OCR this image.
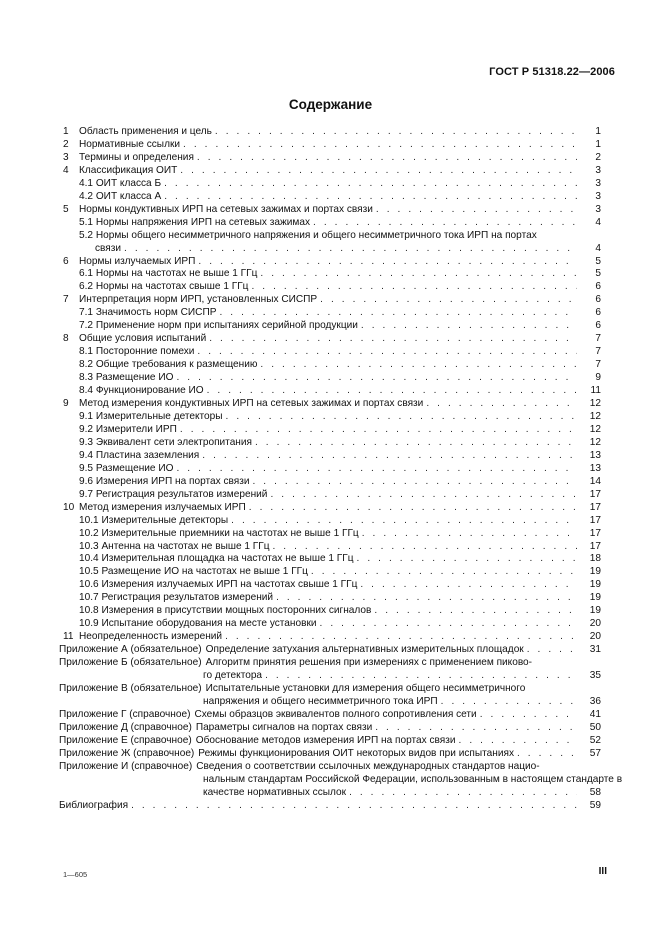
ГОСТ Р 51318.22—2006
Содержание
1	Область применения и цель . . .	1
2	Нормативные ссылки . . .	1
3	Термины и определения . . .	2
4	Классификация ОИТ . . .	3
4.1 ОИТ класса Б . . .	3
4.2 ОИТ класса А . . .	3
5	Нормы кондуктивных ИРП на сетевых зажимах и портах связи . . .	3
5.1 Нормы напряжения ИРП на сетевых зажимах . . .	4
5.2 Нормы общего несимметричного напряжения и общего несимметричного тока ИРП на портах
связи . . .	4
6	Нормы излучаемых ИРП . . .	5
6.1 Нормы на частотах не выше 1 ГГц . . .	5
6.2 Нормы на частотах свыше 1 ГГц . . .	6
7	Интерпретация норм ИРП, установленных СИСПР . . .	6
7.1 Значимость норм СИСПР . . .	6
7.2 Применение норм при испытаниях серийной продукции . . .	6
8	Общие условия испытаний . . .	7
8.1 Посторонние помехи . . .	7
8.2 Общие требования к размещению . . .	7
8.3 Размещение ИО . . .	9
8.4 Функционирование ИО . . .	11
9	Метод измерения кондуктивных ИРП на сетевых зажимах и портах связи . . .	12
9.1 Измерительные детекторы . . .	12
9.2 Измерители ИРП . . .	12
9.3 Эквивалент сети электропитания . . .	12
9.4 Пластина заземления . . .	13
9.5 Размещение ИО . . .	13
9.6 Измерения ИРП на портах связи . . .	14
9.7 Регистрация результатов измерений . . .	17
10 Метод измерения излучаемых ИРП . . .	17
10.1 Измерительные детекторы . . .	17
10.2 Измерительные приемники на частотах не выше 1 ГГц . . .	17
10.3 Антенна на частотах не выше 1 ГГц . . .	17
10.4 Измерительная площадка на частотах не выше 1 ГГц . . .	18
10.5 Размещение ИО на частотах не выше 1 ГГц . . .	19
10.6 Измерения излучаемых ИРП на частотах свыше 1 ГГц . . .	19
10.7 Регистрация результатов измерений . . .	19
10.8 Измерения в присутствии мощных посторонних сигналов . . .	19
10.9 Испытание оборудования на месте установки . . .	20
11 Неопределенность измерений . . .	20
Приложение А (обязательное) Определение затухания альтернативных измерительных площадок . . .	31
Приложение Б (обязательное) Алгоритм принятия решения при измерениях с применением пиково-
го детектора . . .	35
Приложение В (обязательное) Испытательные установки для измерения общего несимметричного
напряжения и общего несимметричного тока ИРП . . .	36
Приложение Г (справочное) Схемы образцов эквивалентов полного сопротивления сети . . .	41
Приложение Д (справочное) Параметры сигналов на портах связи . . .	50
Приложение Е (справочное) Обоснование методов измерения ИРП на портах связи . . .	52
Приложение Ж (справочное) Режимы функционирования ОИТ некоторых видов при испытаниях . . .	57
Приложение И (справочное) Сведения о соответствии ссылочных международных стандартов нацио-
нальным стандартам Российской Федерации, использованным в настоящем стандарте в
качестве нормативных ссылок . . .	58
Библиография . . .	59
1—605	III
